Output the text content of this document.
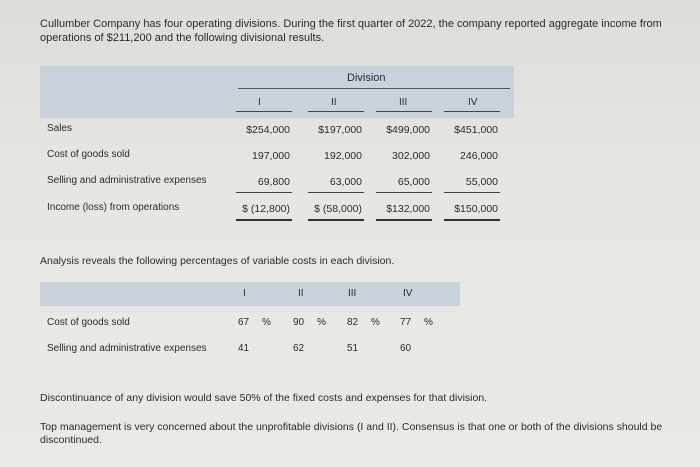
Cullumber Company has four operating divisions. During the first quarter of 2022, the company reported aggregate income from operations of $211,200 and the following divisional results.
Division
I	II	III	IV
Sales	$254,000	$197,000	$499,000	$451,000
Cost of goods sold	197,000	192,000	302,000	246,000
Selling and administrative expenses	69,800	63,000	65,000	55,000
Income (loss) from operations	$ (12,800)	$ (58,000)	$132,000	$150,000
Analysis reveals the following percentages of variable costs in each division.
I	II	III	IV
Cost of goods sold	67 % 90 % 82 % 77 %
Selling and administrative expenses	41	62	51	60
Discontinuance of any division would save 50% of the fixed costs and expenses for that division.
Top management is very concerned about the unprofitable divisions (I and II). Consensus is that one or both of the divisions should be discontinued.
